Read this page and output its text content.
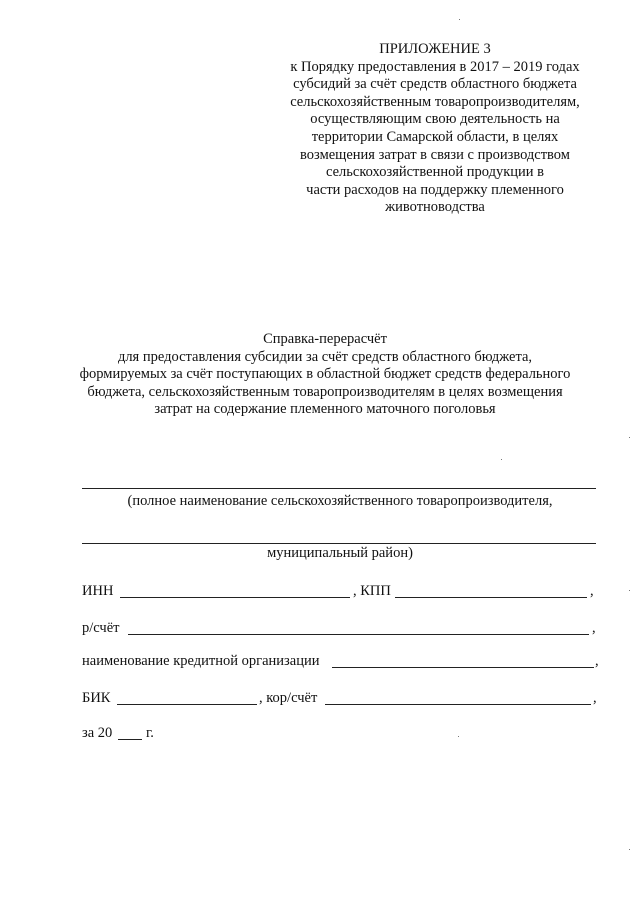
ПРИЛОЖЕНИЕ 3
к Порядку предоставления в 2017 – 2019 годах
субсидий за счёт средств областного бюджета
сельскохозяйственным товаропроизводителям,
осуществляющим свою деятельность на
территории Самарской области, в целях
возмещения затрат в связи с производством
сельскохозяйственной продукции в
части расходов на поддержку племенного
животноводства
Справка-перерасчёт
для предоставления субсидии за счёт средств областного бюджета,
формируемых за счёт поступающих в областной бюджет средств федерального
бюджета, сельскохозяйственным товаропроизводителям в целях возмещения
затрат на содержание племенного маточного поголовья
(полное наименование сельскохозяйственного товаропроизводителя,
муниципальный район)
ИНН	, КПП	,
р/счёт	,
наименование кредитной организации	,
БИК	, кор/счёт	,
за 20 г.
